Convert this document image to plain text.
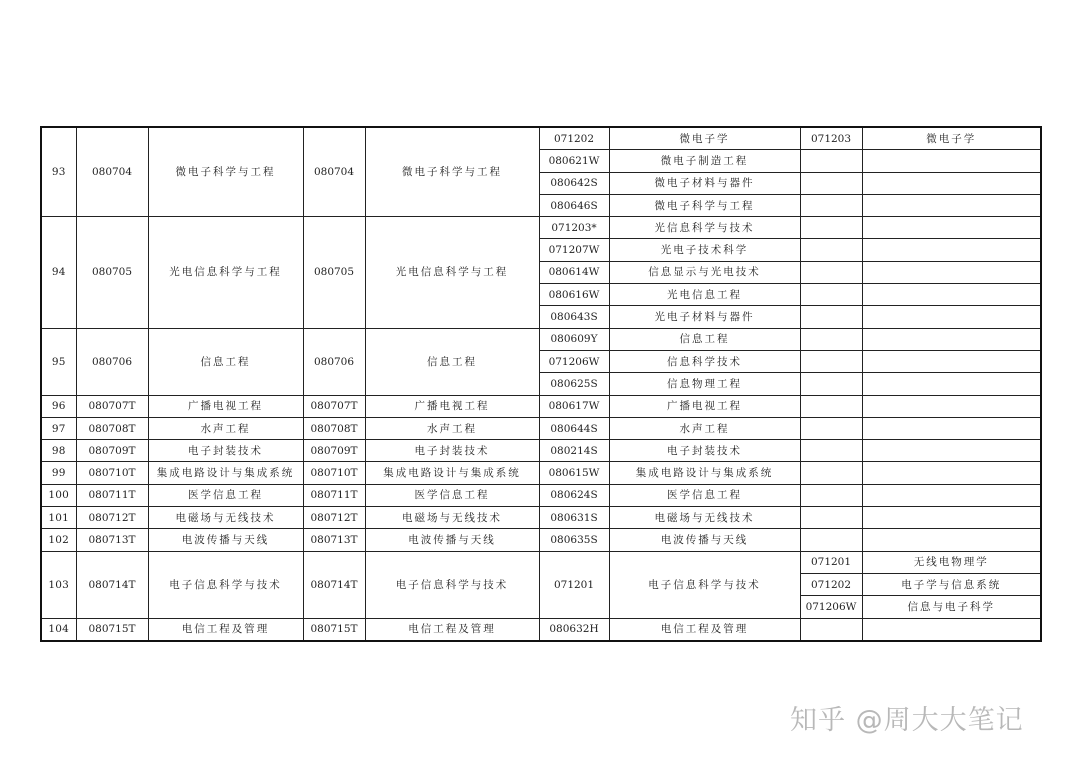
93	080704	微电子科学与工程	080704	微电子科学与工程	071202	微电子学	071203	微电子学
					080621W	微电子制造工程		
					080642S	微电子材料与器件		
					080646S	微电子科学与工程		
94	080705	光电信息科学与工程	080705	光电信息科学与工程	071203*	光信息科学与技术		
					071207W	光电子技术科学		
					080614W	信息显示与光电技术		
					080616W	光电信息工程		
					080643S	光电子材料与器件		
95	080706	信息工程	080706	信息工程	080609Y	信息工程		
					071206W	信息科学技术		
					080625S	信息物理工程		
96	080707T	广播电视工程	080707T	广播电视工程	080617W	广播电视工程		
97	080708T	水声工程	080708T	水声工程	080644S	水声工程		
98	080709T	电子封装技术	080709T	电子封装技术	080214S	电子封装技术		
99	080710T	集成电路设计与集成系统	080710T	集成电路设计与集成系统	080615W	集成电路设计与集成系统		
100	080711T	医学信息工程	080711T	医学信息工程	080624S	医学信息工程		
101	080712T	电磁场与无线技术	080712T	电磁场与无线技术	080631S	电磁场与无线技术		
102	080713T	电波传播与天线	080713T	电波传播与天线	080635S	电波传播与天线		
103	080714T	电子信息科学与技术	080714T	电子信息科学与技术	071201	电子信息科学与技术	071201	无线电物理学
							071202	电子学与信息系统
							071206W	信息与电子科学
104	080715T	电信工程及管理	080715T	电信工程及管理	080632H	电信工程及管理		
知乎 @周大大笔记
